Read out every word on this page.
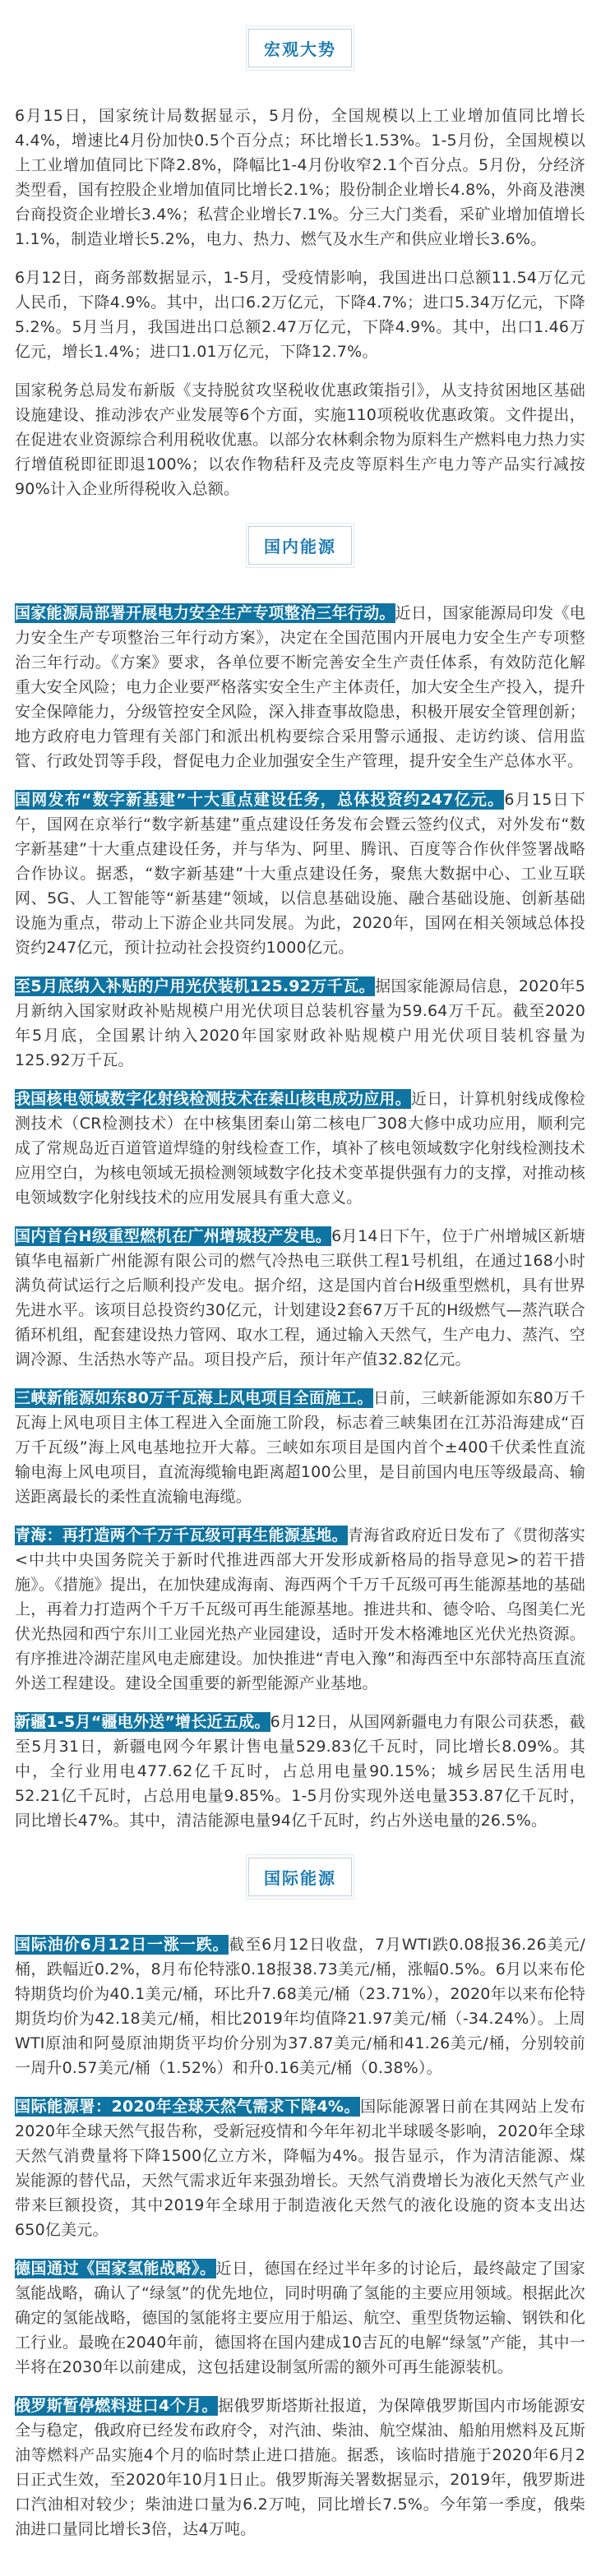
宏观大势

6月15日，国家统计局数据显示，5月份，全国规模以上工业增加值同比增长4.4%，增速比4月份加快0.5个百分点；环比增长1.53%。1-5月份，全国规模以上工业增加值同比下降2.8%，降幅比1-4月份收窄2.1个百分点。5月份，分经济类型看，国有控股企业增加值同比增长2.1%；股份制企业增长4.8%，外商及港澳台商投资企业增长3.4%；私营企业增长7.1%。分三大门类看，采矿业增加值增长1.1%，制造业增长5.2%，电力、热力、燃气及水生产和供应业增长3.6%。

6月12日，商务部数据显示，1-5月，受疫情影响，我国进出口总额11.54万亿元人民币，下降4.9%。其中，出口6.2万亿元，下降4.7%；进口5.34万亿元，下降5.2%。5月当月，我国进出口总额2.47万亿元，下降4.9%。其中，出口1.46万亿元，增长1.4%；进口1.01万亿元，下降12.7%。

国家税务总局发布新版《支持脱贫攻坚税收优惠政策指引》，从支持贫困地区基础设施建设、推动涉农产业发展等6个方面，实施110项税收优惠政策。文件提出，在促进农业资源综合利用税收优惠。以部分农林剩余物为原料生产燃料电力热力实行增值税即征即退100%；以农作物秸秆及壳皮等原料生产电力等产品实行减按90%计入企业所得税收入总额。

国内能源

国家能源局部署开展电力安全生产专项整治三年行动。近日，国家能源局印发《电力安全生产专项整治三年行动方案》，决定在全国范围内开展电力安全生产专项整治三年行动。《方案》要求，各单位要不断完善安全生产责任体系，有效防范化解重大安全风险；电力企业要严格落实安全生产主体责任，加大安全生产投入，提升安全保障能力，分级管控安全风险，深入排查事故隐患，积极开展安全管理创新；地方政府电力管理有关部门和派出机构要综合采用警示通报、走访约谈、信用监管、行政处罚等手段，督促电力企业加强安全生产管理，提升安全生产总体水平。

国网发布“数字新基建”十大重点建设任务，总体投资约247亿元。6月15日下午，国网在京举行“数字新基建”重点建设任务发布会暨云签约仪式，对外发布“数字新基建”十大重点建设任务，并与华为、阿里、腾讯、百度等合作伙伴签署战略合作协议。据悉，“数字新基建”十大重点建设任务，聚焦大数据中心、工业互联网、5G、人工智能等“新基建”领域，以信息基础设施、融合基础设施、创新基础设施为重点，带动上下游企业共同发展。为此，2020年，国网在相关领域总体投资约247亿元，预计拉动社会投资约1000亿元。

至5月底纳入补贴的户用光伏装机125.92万千瓦。据国家能源局信息，2020年5月新纳入国家财政补贴规模户用光伏项目总装机容量为59.64万千瓦。截至2020年5月底，全国累计纳入2020年国家财政补贴规模户用光伏项目装机容量为125.92万千瓦。

我国核电领域数字化射线检测技术在秦山核电成功应用。近日，计算机射线成像检测技术（CR检测技术）在中核集团秦山第二核电厂308大修中成功应用，顺利完成了常规岛近百道管道焊缝的射线检查工作，填补了核电领域数字化射线检测技术应用空白，为核电领域无损检测领域数字化技术变革提供强有力的支撑，对推动核电领域数字化射线技术的应用发展具有重大意义。

国内首台H级重型燃机在广州增城投产发电。6月14日下午，位于广州增城区新塘镇华电福新广州能源有限公司的燃气冷热电三联供工程1号机组，在通过168小时满负荷试运行之后顺利投产发电。据介绍，这是国内首台H级重型燃机，具有世界先进水平。该项目总投资约30亿元，计划建设2套67万千瓦的H级燃气—蒸汽联合循环机组，配套建设热力管网、取水工程，通过输入天然气，生产电力、蒸汽、空调冷源、生活热水等产品。项目投产后，预计年产值32.82亿元。

三峡新能源如东80万千瓦海上风电项目全面施工。日前，三峡新能源如东80万千瓦海上风电项目主体工程进入全面施工阶段，标志着三峡集团在江苏沿海建成“百万千瓦级”海上风电基地拉开大幕。三峡如东项目是国内首个±400千伏柔性直流输电海上风电项目，直流海缆输电距离超100公里，是目前国内电压等级最高、输送距离最长的柔性直流输电海缆。

青海：再打造两个千万千瓦级可再生能源基地。青海省政府近日发布了《贯彻落实<中共中央国务院关于新时代推进西部大开发形成新格局的指导意见>的若干措施》。《措施》提出，在加快建成海南、海西两个千万千瓦级可再生能源基地的基础上，再着力打造两个千万千瓦级可再生能源基地。推进共和、德令哈、乌图美仁光伏光热园和西宁东川工业园光热产业园建设，适时开发木格滩地区光伏光热资源。有序推进冷湖茫崖风电走廊建设。加快推进“青电入豫”和海西至中东部特高压直流外送工程建设。建设全国重要的新型能源产业基地。

新疆1-5月“疆电外送”增长近五成。6月12日，从国网新疆电力有限公司获悉，截至5月31日，新疆电网今年累计售电量529.83亿千瓦时，同比增长8.09%。其中，全行业用电477.62亿千瓦时，占总用电量90.15%；城乡居民生活用电52.21亿千瓦时，占总用电量9.85%。1-5月份实现外送电量353.87亿千瓦时，同比增长47%。其中，清洁能源电量94亿千瓦时，约占外送电量的26.5%。

国际能源

国际油价6月12日一涨一跌。截至6月12日收盘，7月WTI跌0.08报36.26美元/桶，跌幅近0.2%，8月布伦特涨0.18报38.73美元/桶，涨幅0.5%。6月以来布伦特期货均价为40.1美元/桶，环比升7.68美元/桶（23.71%），2020年以来布伦特期货均价为42.18美元/桶，相比2019年均值降21.97美元/桶（-34.24%）。上周WTI原油和阿曼原油期货平均价分别为37.87美元/桶和41.26美元/桶，分别较前一周升0.57美元/桶（1.52%）和升0.16美元/桶（0.38%）。

国际能源署：2020年全球天然气需求下降4%。国际能源署日前在其网站上发布2020年全球天然气报告称，受新冠疫情和今年年初北半球暖冬影响，2020年全球天然气消费量将下降1500亿立方米，降幅为4%。报告显示，作为清洁能源、煤炭能源的替代品，天然气需求近年来强劲增长。天然气消费增长为液化天然气产业带来巨额投资，其中2019年全球用于制造液化天然气的液化设施的资本支出达650亿美元。

德国通过《国家氢能战略》。近日，德国在经过半年多的讨论后，最终敲定了国家氢能战略，确认了“绿氢”的优先地位，同时明确了氢能的主要应用领域。根据此次确定的氢能战略，德国的氢能将主要应用于船运、航空、重型货物运输、钢铁和化工行业。最晚在2040年前，德国将在国内建成10吉瓦的电解“绿氢”产能，其中一半将在2030年以前建成，这包括建设制氢所需的额外可再生能源装机。

俄罗斯暂停燃料进口4个月。据俄罗斯塔斯社报道，为保障俄罗斯国内市场能源安全与稳定，俄政府已经发布政府令，对汽油、柴油、航空煤油、船舶用燃料及瓦斯油等燃料产品实施4个月的临时禁止进口措施。据悉，该临时措施于2020年6月2日正式生效，至2020年10月1日止。俄罗斯海关署数据显示，2019年，俄罗斯进口汽油相对较少；柴油进口量为6.2万吨，同比增长7.5%。今年第一季度，俄柴油进口量同比增长3倍，达4万吨。
